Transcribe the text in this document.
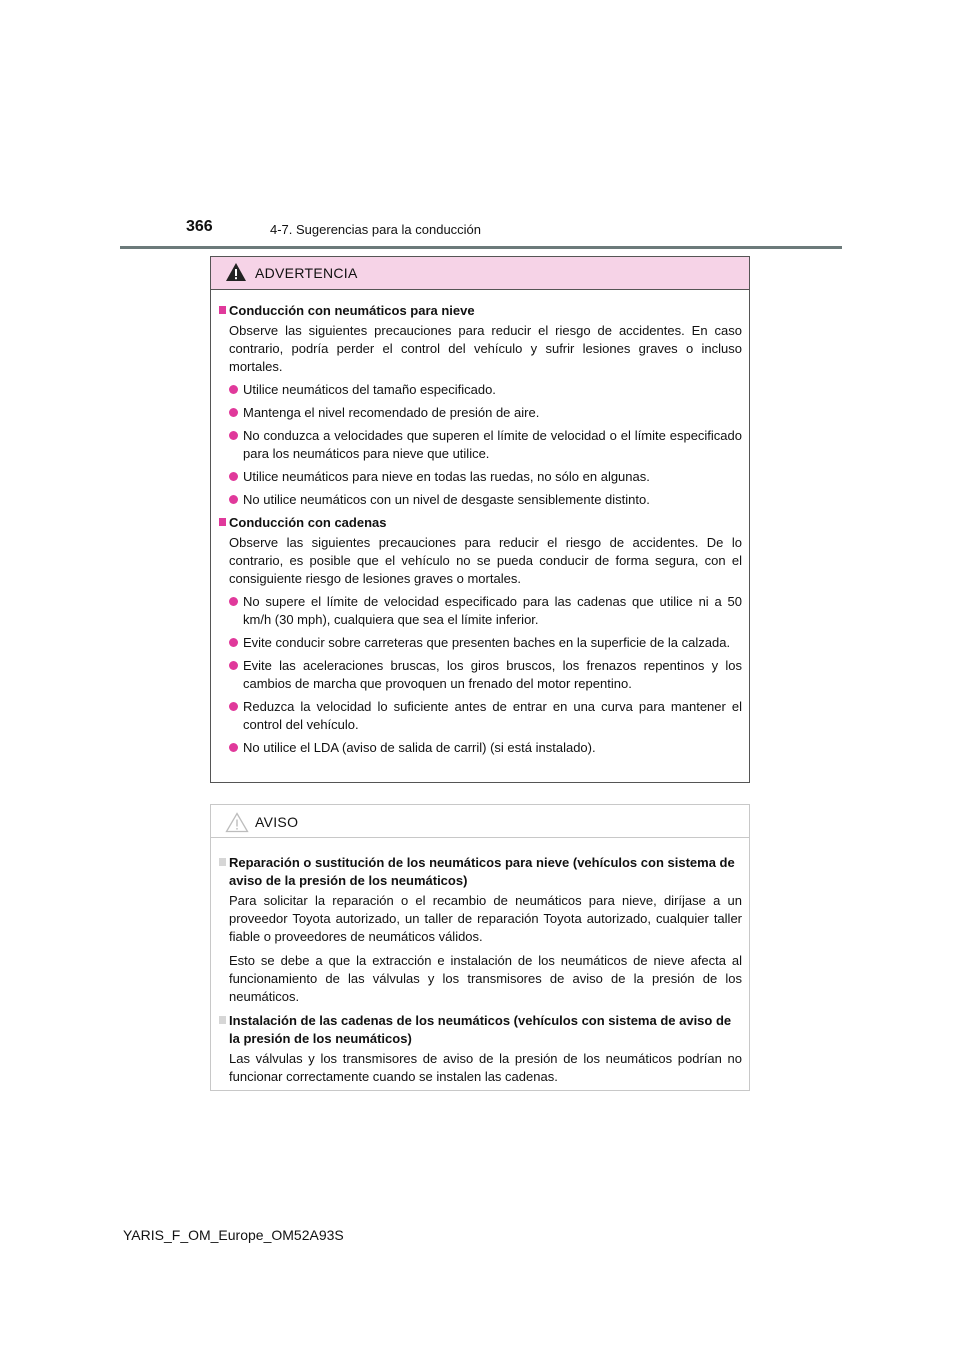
366	4-7. Sugerencias para la conducción
ADVERTENCIA
Conducción con neumáticos para nieve

Observe las siguientes precauciones para reducir el riesgo de accidentes. En caso contrario, podría perder el control del vehículo y sufrir lesiones graves o incluso mortales.

Utilice neumáticos del tamaño especificado.
Mantenga el nivel recomendado de presión de aire.
No conduzca a velocidades que superen el límite de velocidad o el límite especificado para los neumáticos para nieve que utilice.
Utilice neumáticos para nieve en todas las ruedas, no sólo en algunas.
No utilice neumáticos con un nivel de desgaste sensiblemente distinto.
Conducción con cadenas

Observe las siguientes precauciones para reducir el riesgo de accidentes. De lo contrario, es posible que el vehículo no se pueda conducir de forma segura, con el consiguiente riesgo de lesiones graves o mortales.

No supere el límite de velocidad especificado para las cadenas que utilice ni a 50 km/h (30 mph), cualquiera que sea el límite inferior.
Evite conducir sobre carreteras que presenten baches en la superficie de la calzada.
Evite las aceleraciones bruscas, los giros bruscos, los frenazos repentinos y los cambios de marcha que provoquen un frenado del motor repentino.
Reduzca la velocidad lo suficiente antes de entrar en una curva para mantener el control del vehículo.
No utilice el LDA (aviso de salida de carril) (si está instalado).
AVISO
Reparación o sustitución de los neumáticos para nieve (vehículos con sistema de aviso de la presión de los neumáticos)

Para solicitar la reparación o el recambio de neumáticos para nieve, diríjase a un proveedor Toyota autorizado, un taller de reparación Toyota autorizado, cualquier taller fiable o proveedores de neumáticos válidos.

Esto se debe a que la extracción e instalación de los neumáticos de nieve afecta al funcionamiento de las válvulas y los transmisores de aviso de la presión de los neumáticos.

Instalación de las cadenas de los neumáticos (vehículos con sistema de aviso de la presión de los neumáticos)

Las válvulas y los transmisores de aviso de la presión de los neumáticos podrían no funcionar correctamente cuando se instalen las cadenas.

YARIS_F_OM_Europe_OM52A93S
